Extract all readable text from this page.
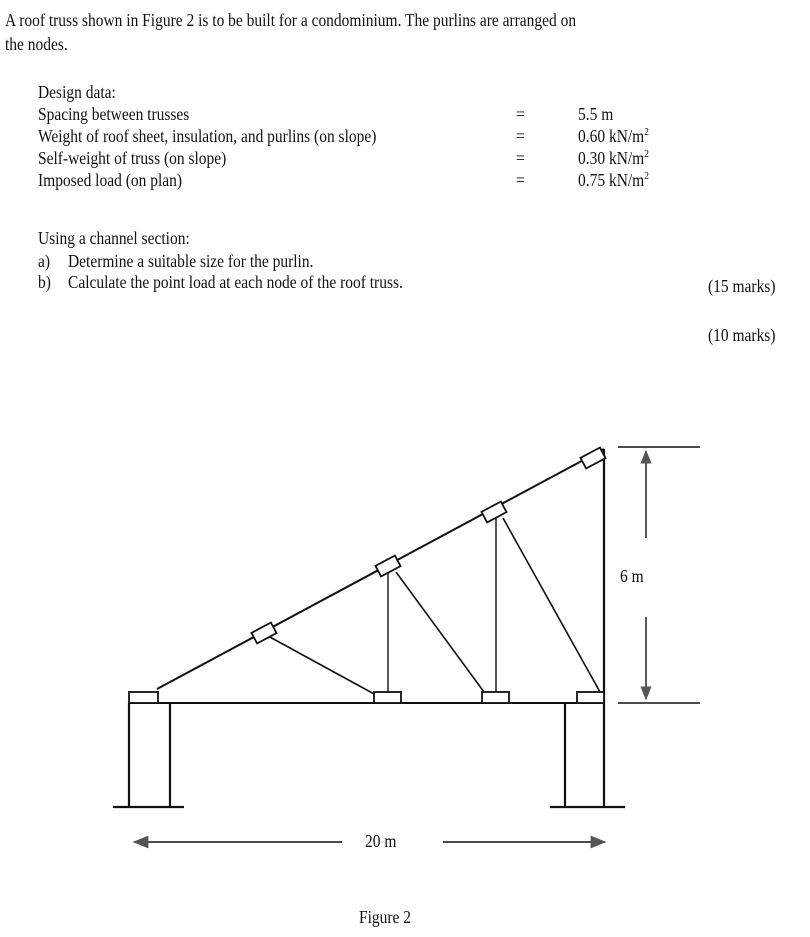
A roof truss shown in Figure 2 is to be built for a condominium. The purlins are arranged on
the nodes.
Design data:
Spacing between trusses	=	5.5 m
Weight of roof sheet, insulation, and purlins (on slope)	=	0.60 $kN/m^2$
Self-weight of truss (on slope)	=	0.30 $kN/m^2$
Imposed load (on plan)	=	0.75 $kN/m^2$
Using a channel section:
a) Determine a suitable size for the purlin.
(15 marks)
b) Calculate the point load at each node of the roof truss.
(10 marks)
6 m
20 m
Figure 2
